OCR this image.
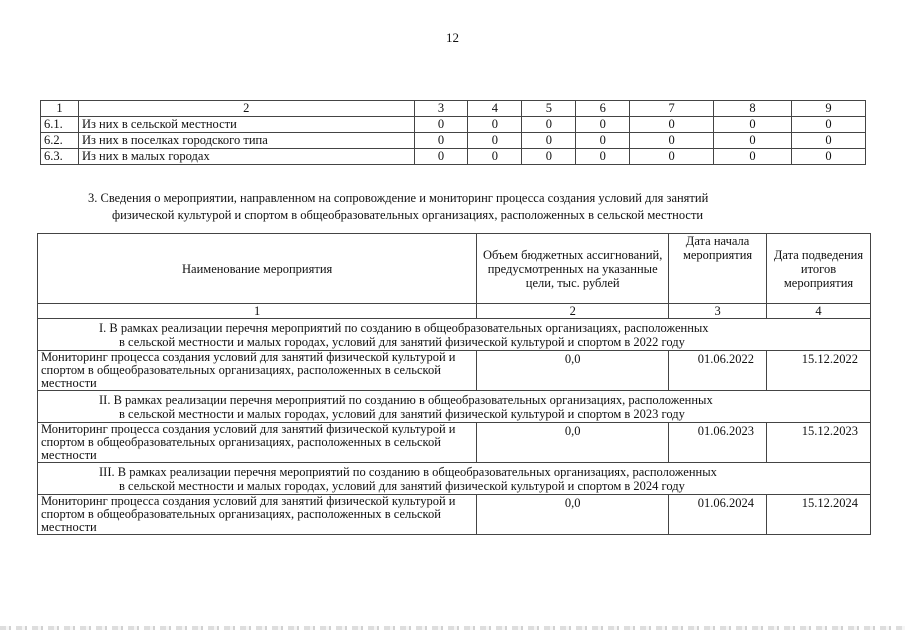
12
1	2	3	4	5	6	7	8	9
6.1.	Из них в сельской местности	0	0	0	0	0	0	0
6.2.	Из них в поселках городского типа	0	0	0	0	0	0	0
6.3.	Из них в малых городах	0	0	0	0	0	0	0
3. Сведения о мероприятии, направленном на сопровождение и мониторинг процесса создания условий для занятий
физической культурой и спортом в общеобразовательных организациях, расположенных в сельской местности
Наименование мероприятия	Объем бюджетных ассигнований, предусмотренных на указанные цели, тыс. рублей	Дата начала мероприятия	Дата подведения итогов мероприятия
1	2	3	4

I. В рамках реализации перечня мероприятий по созданию в общеобразовательных организациях, расположенных
в сельской местности и малых городах, условий для занятий физической культурой и спортом в 2022 году			

Мониторинг процесса создания условий для занятий физической культурой и спортом в общеобразовательных организациях, расположенных в сельской местности	0,0	01.06.2022	15.12.2022

II. В рамках реализации перечня мероприятий по созданию в общеобразовательных организациях, расположенных
в сельской местности и малых городах, условий для занятий физической культурой и спортом в 2023 году			

Мониторинг процесса создания условий для занятий физической культурой и спортом в общеобразовательных организациях, расположенных в сельской местности	0,0	01.06.2023	15.12.2023

III. В рамках реализации перечня мероприятий по созданию в общеобразовательных организациях, расположенных
в сельской местности и малых городах, условий для занятий физической культурой и спортом в 2024 году			

Мониторинг процесса создания условий для занятий физической культурой и спортом в общеобразовательных организациях, расположенных в сельской местности	0,0	01.06.2024	15.12.2024
